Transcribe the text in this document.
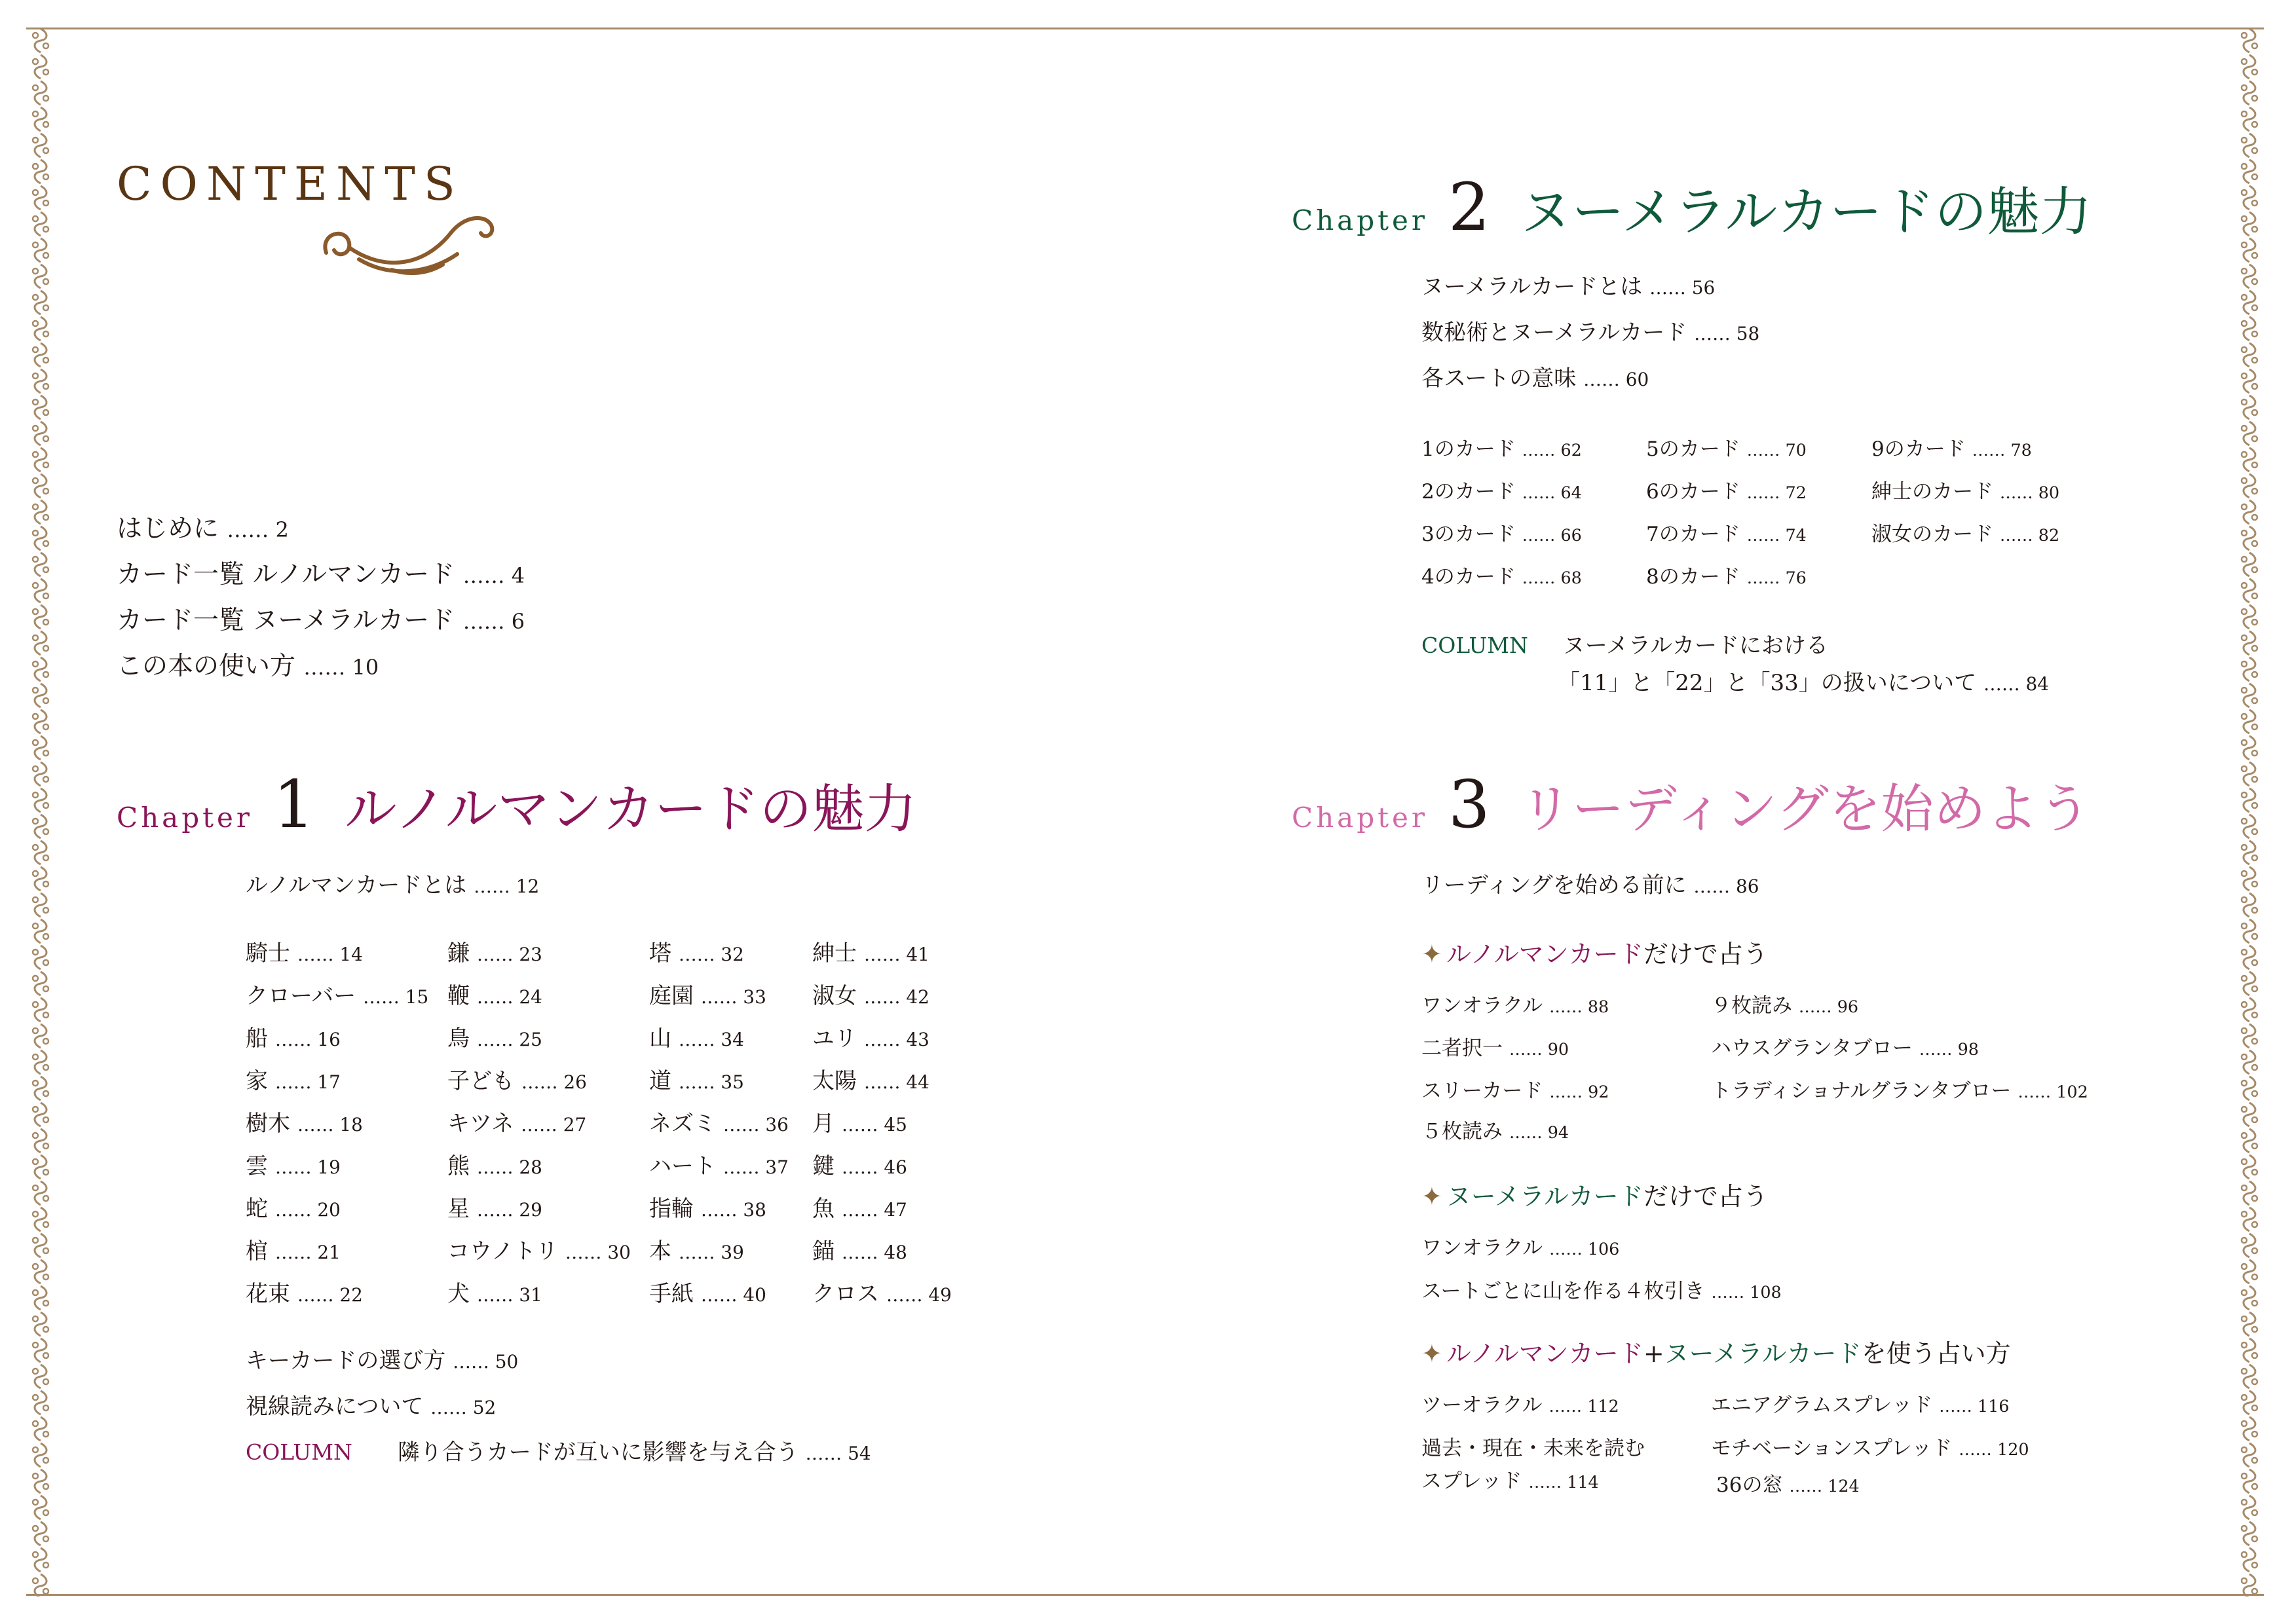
CONTENTS
はじめに …… 2
カード一覧 ルノルマンカード …… 4
カード一覧 ヌーメラルカード …… 6
この本の使い方 …… 10
Chapter 1 ルノルマンカードの魅力
ルノルマンカードとは …… 12
騎士 …… 14
クローバー …… 15
船 …… 16
家 …… 17
樹木 …… 18
雲 …… 19
蛇 …… 20
棺 …… 21
花束 …… 22
鎌 …… 23
鞭 …… 24
鳥 …… 25
子ども …… 26
キツネ …… 27
熊 …… 28
星 …… 29
コウノトリ …… 30
犬 …… 31
塔 …… 32
庭園 …… 33
山 …… 34
道 …… 35
ネズミ …… 36
ハート …… 37
指輪 …… 38
本 …… 39
手紙 …… 40
紳士 …… 41
淑女 …… 42
ユリ …… 43
太陽 …… 44
月 …… 45
鍵 …… 46
魚 …… 47
錨 …… 48
クロス …… 49
キーカードの選び方 …… 50
視線読みについて …… 52
COLUMN 隣り合うカードが互いに影響を与え合う …… 54
Chapter 2 ヌーメラルカードの魅力
ヌーメラルカードとは …… 56
数秘術とヌーメラルカード …… 58
各スートの意味 …… 60
1のカード …… 62
2のカード …… 64
3のカード …… 66
4のカード …… 68
5のカード …… 70
6のカード …… 72
7のカード …… 74
8のカード …… 76
9のカード …… 78
紳士のカード …… 80
淑女のカード …… 82
COLUMN ヌーメラルカードにおける
「11」と「22」と「33」の扱いについて …… 84
Chapter 3 リーディングを始めよう
リーディングを始める前に …… 86
✦ ルノルマンカードだけで占う
ワンオラクル …… 88
二者択一 …… 90
スリーカード …… 92
５枚読み …… 94
９枚読み …… 96
ハウスグランタブロー …… 98
トラディショナルグランタブロー …… 102
✦ ヌーメラルカードだけで占う
ワンオラクル …… 106
スートごとに山を作る４枚引き …… 108
✦ ルノルマンカード+ヌーメラルカードを使う占い方
ツーオラクル …… 112
過去・現在・未来を読む
スプレッド …… 114
エニアグラムスプレッド …… 116
モチベーションスプレッド …… 120
36の窓 …… 124
